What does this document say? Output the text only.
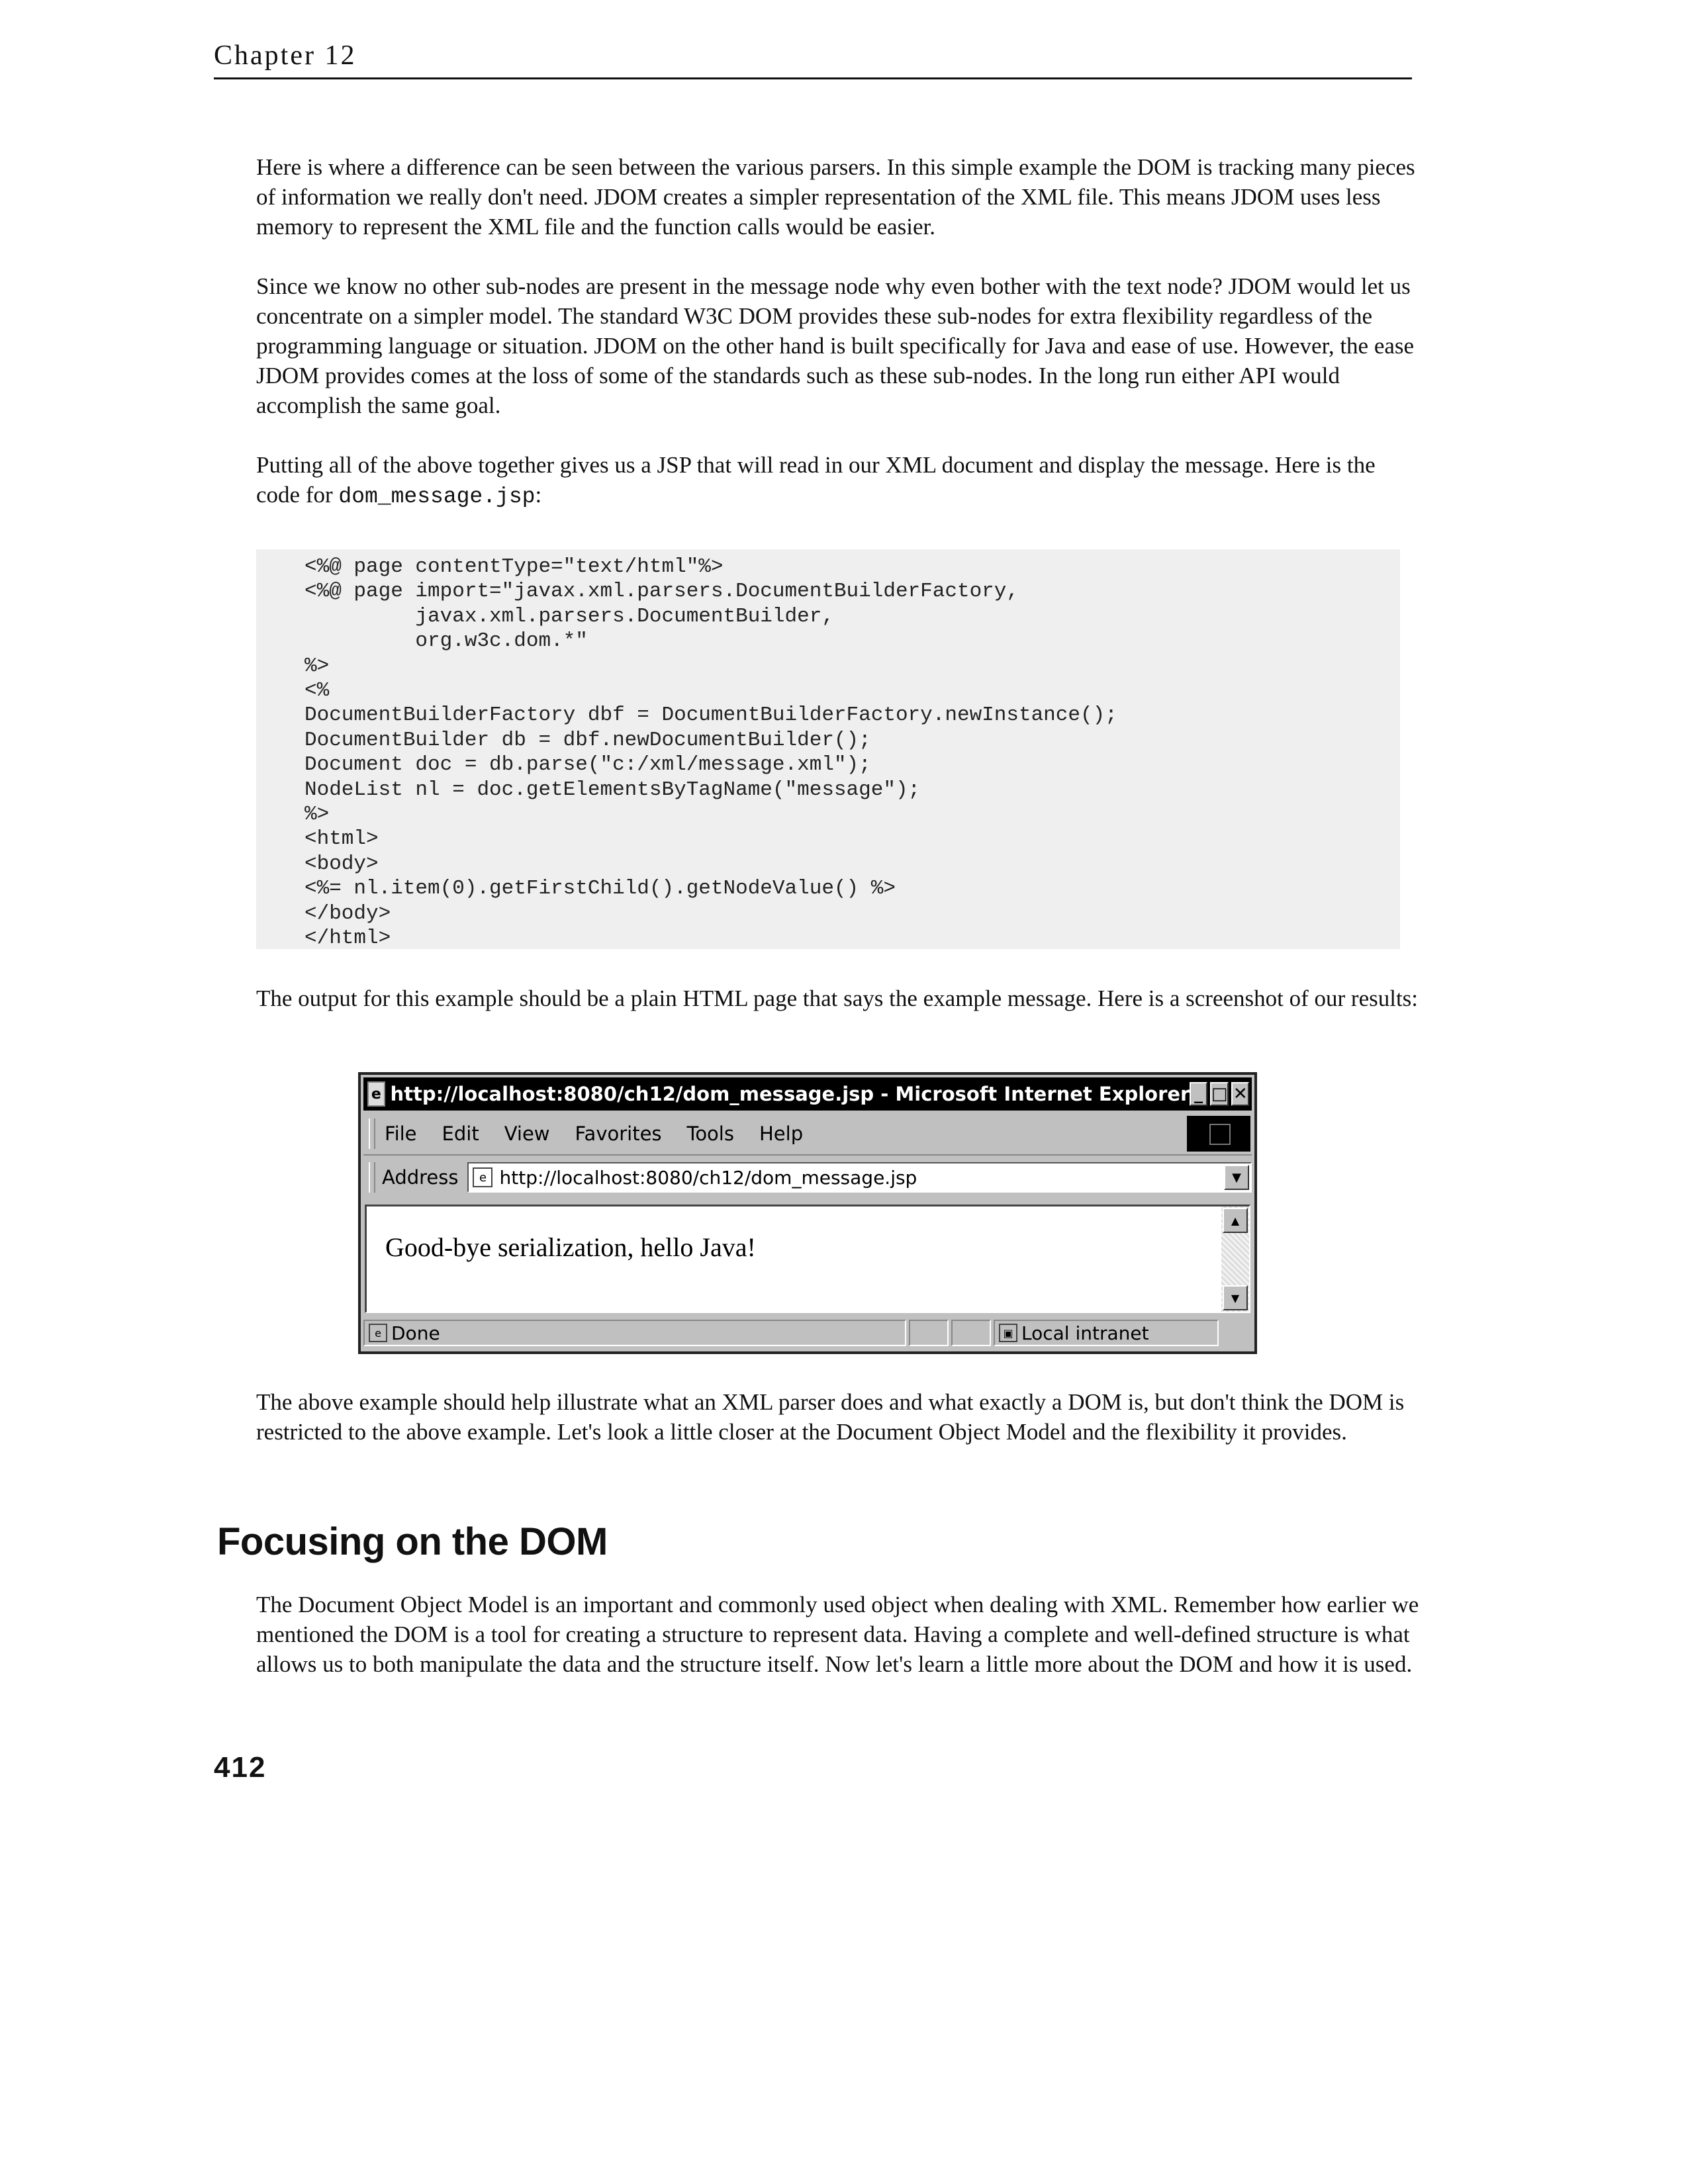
Chapter 12

Here is where a difference can be seen between the various parsers. In this simple example the DOM is tracking many pieces of information we really don't need. JDOM creates a simpler representation of the XML file. This means JDOM uses less memory to represent the XML file and the function calls would be easier.

Since we know no other sub-nodes are present in the message node why even bother with the text node? JDOM would let us concentrate on a simpler model. The standard W3C DOM provides these sub-nodes for extra flexibility regardless of the programming language or situation. JDOM on the other hand is built specifically for Java and ease of use. However, the ease JDOM provides comes at the loss of some of the standards such as these sub-nodes. In the long run either API would accomplish the same goal.

Putting all of the above together gives us a JSP that will read in our XML document and display the message. Here is the code for dom_message.jsp:

<%@ page contentType="text/html"%>
<%@ page import="javax.xml.parsers.DocumentBuilderFactory,
javax.xml.parsers.DocumentBuilder,
org.w3c.dom.*"
%>
<%
DocumentBuilderFactory dbf = DocumentBuilderFactory.newInstance();
DocumentBuilder db = dbf.newDocumentBuilder();
Document doc = db.parse("c:/xml/message.xml");
NodeList nl = doc.getElementsByTagName("message");
%>
<html>
<body>
<%= nl.item(0).getFirstChild().getNodeValue() %>
</body>
</html>

The output for this example should be a plain HTML page that says the example message. Here is a screenshot of our results:

e http://localhost:8080/ch12/dom_message.jsp - Microsoft Internet Explorer _ □ ✕
File Edit View Favorites Tools Help
Address	e http://localhost:8080/ch12/dom_message.jsp	▼
Good-bye serialization, hello Java!
▲
▼
e Done	▣ Local intranet

The above example should help illustrate what an XML parser does and what exactly a DOM is, but don't think the DOM is restricted to the above example. Let's look a little closer at the Document Object Model and the flexibility it provides.

Focusing on the DOM

The Document Object Model is an important and commonly used object when dealing with XML. Remember how earlier we mentioned the DOM is a tool for creating a structure to represent data. Having a complete and well-defined structure is what allows us to both manipulate the data and the structure itself. Now let's learn a little more about the DOM and how it is used.

412
